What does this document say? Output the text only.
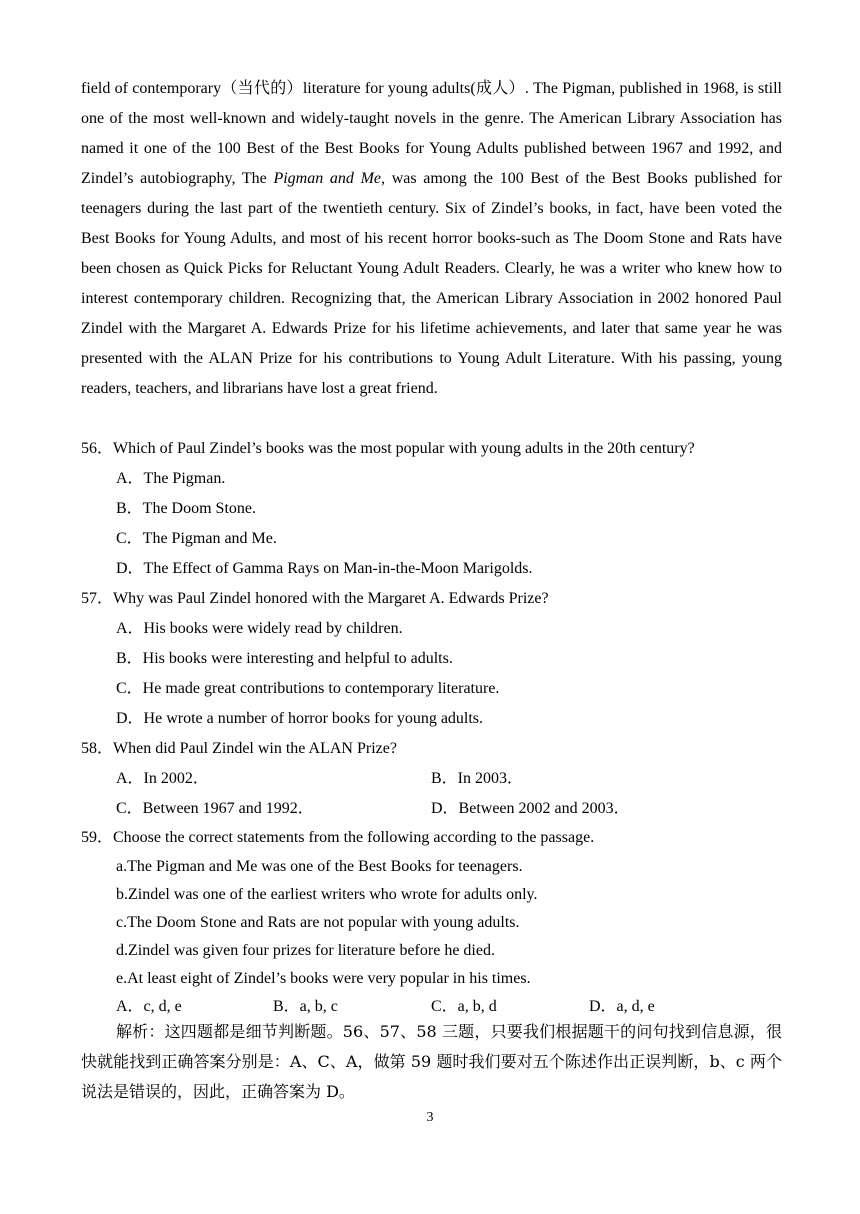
field of contemporary（当代的）literature for young adults(成人）. The Pigman, published in 1968, is still one of the most well-known and widely-taught novels in the genre. The American Library Association has named it one of the 100 Best of the Best Books for Young Adults published between 1967 and 1992, and Zindel’s autobiography, The Pigman and Me, was among the 100 Best of the Best Books published for teenagers during the last part of the twentieth century. Six of Zindel’s books, in fact, have been voted the Best Books for Young Adults, and most of his recent horror books-such as The Doom Stone and Rats have been chosen as Quick Picks for Reluctant Young Adult Readers. Clearly, he was a writer who knew how to interest contemporary children. Recognizing that, the American Library Association in 2002 honored Paul Zindel with the Margaret A. Edwards Prize for his lifetime achievements, and later that same year he was presented with the ALAN Prize for his contributions to Young Adult Literature. With his passing, young readers, teachers, and librarians have lost a great friend.

56．Which of Paul Zindel’s books was the most popular with young adults in the 20th century?
A．The Pigman.
B．The Doom Stone.
C．The Pigman and Me.
D．The Effect of Gamma Rays on Man-in-the-Moon Marigolds.
57．Why was Paul Zindel honored with the Margaret A. Edwards Prize?
A．His books were widely read by children.
B．His books were interesting and helpful to adults.
C．He made great contributions to contemporary literature.
D．He wrote a number of horror books for young adults.
58．When did Paul Zindel win the ALAN Prize?
A．In 2002．	B．In 2003．
C．Between 1967 and 1992．	D．Between 2002 and 2003．
59．Choose the correct statements from the following according to the passage.
a.The Pigman and Me was one of the Best Books for teenagers.
b.Zindel was one of the earliest writers who wrote for adults only.
c.The Doom Stone and Rats are not popular with young adults.
d.Zindel was given four prizes for literature before he died.
e.At least eight of Zindel’s books were very popular in his times.
A．c, d, e	B．a, b, c	C．a, b, d	D．a, d, e

解析：这四题都是细节判断题。56、57、58 三题，只要我们根据题干的问句找到信息源，很快就能找到正确答案分别是：A、C、A，做第 59 题时我们要对五个陈述作出正误判断，b、c 两个说法是错误的，因此，正确答案为 D。

3
